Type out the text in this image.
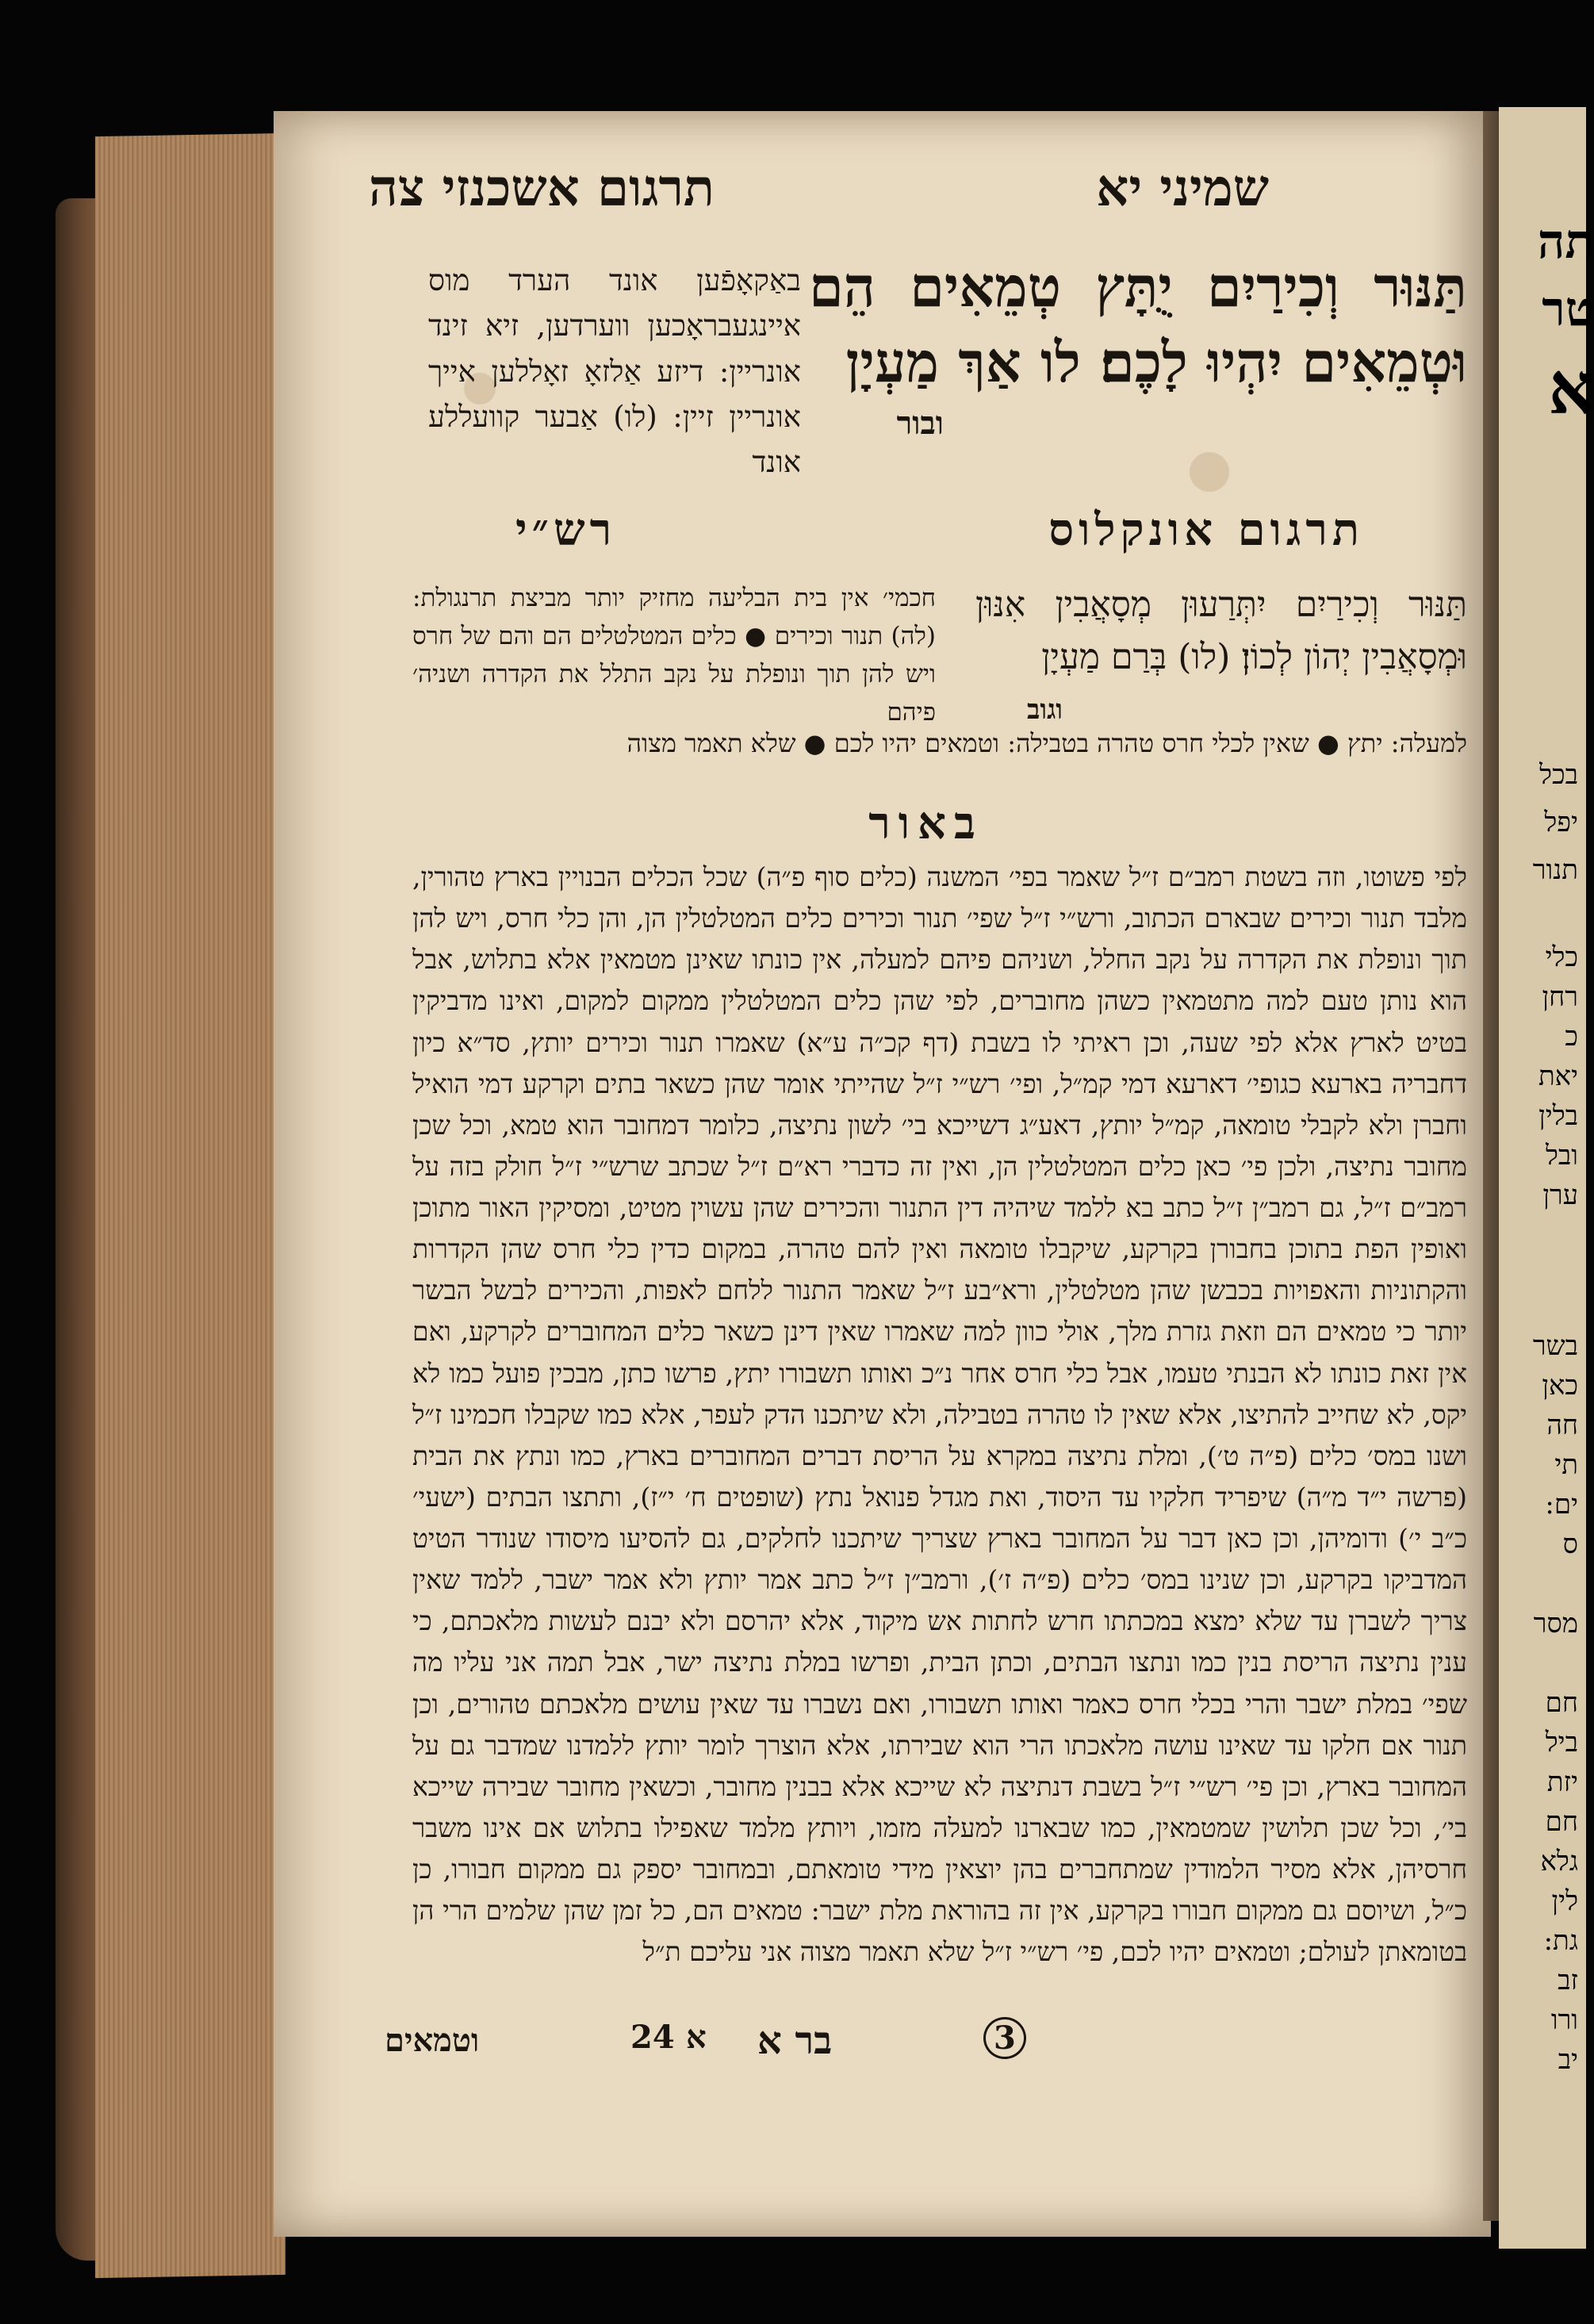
שמיני יא
תרגום אשכנזי צה
תַּנּוּר וְכִירַיִם יֻתָּץ טְמֵאִים הֵם וּטְמֵאִים יִהְיוּ לָכֶם׃ לו אַךְ מַעְיָן
ובור
באַקאָפֿען אונד הערד מוס איינגעבראָכען ווערדען, זיא זינד אונריין: דיזע אַלזאָ זאָללען אייך אונריין זיין: (לו) אַבער קוועללע אונד
תרגום אונקלוס
רש״י
תַּנּוּר וְכִירַיִם יִתְּרַעוּן מְסָאֲבִין אִנּוּן וּמְסָאֲבִין יְהוֹן לְכוֹן׃ (לו) בְּרַם מַעְיָן
וגוב
חכמי׳ אין בית הבליעה מחזיק יותר מביצת תרנגולת: (לה) תנור וכירים ● כלים המטלטלים הם והם של חרס ויש להן תוך ונופלת על נקב התלל את הקדרה ושניה׳ פיהם
למעלה: יתץ ● שאין לכלי חרס טהרה בטבילה: וטמאים יהיו לכם ● שלא תאמר מצוה
באור
לפי פשוטו, וזה בשטת רמב״ם ז״ל שאמר בפי׳ המשנה (כלים סוף פ״ה) שכל הכלים הבנויין בארץ טהורין, מלבד תנור וכירים שבארם הכתוב, ורש״י ז״ל שפי׳ תנור וכירים כלים המטלטלין הן, והן כלי חרס, ויש להן תוך ונופלת את הקדרה על נקב החלל, ושניהם פיהם למעלה, אין כונתו שאינן מטמאין אלא בתלוש, אבל הוא נותן טעם למה מתטמאין כשהן מחוברים, לפי שהן כלים המטלטלין ממקום למקום, ואינו מדביקין בטיט לארץ אלא לפי שעה, וכן ראיתי לו בשבת (דף קכ״ה ע״א) שאמרו תנור וכירים יותץ, סד״א כיון דחבריה בארעא כגופי׳ דארעא דמי קמ״ל, ופי׳ רש״י ז״ל שהייתי אומר שהן כשאר בתים וקרקע דמי הואיל וחברן ולא לקבלי טומאה, קמ״ל יותץ, דאע״ג דשייכא בי׳ לשון נתיצה, כלומר דמחובר הוא טמא, וכל שכן מחובר נתיצה, ולכן פי׳ כאן כלים המטלטלין הן, ואין זה כדברי רא״ם ז״ל שכתב שרש״י ז״ל חולק בזה על רמב״ם ז״ל, גם רמב״ן ז״ל כתב בא ללמד שיהיה דין התנור והכירים שהן עשוין מטיט, ומסיקין האור מתוכן ואופין הפת בתוכן בחבורן בקרקע, שיקבלו טומאה ואין להם טהרה, במקום כדין כלי חרס שהן הקדרות והקתוניות והאפויות בכבשן שהן מטלטלין, ורא״בע ז״ל שאמר התנור ללחם לאפות, והכירים לבשל הבשר יותר כי טמאים הם וזאת גזרת מלך, אולי כוון למה שאמרו שאין דינן כשאר כלים המחוברים לקרקע, ואם אין זאת כונתו לא הבנתי טעמו, אבל כלי חרס אחר נ״כ ואותו תשבורו יתץ, פרשו כתן, מבכין פועל כמו לא יקס, לא שחייב להתיצו, אלא שאין לו טהרה בטבילה, ולא שיתכנו הדק לעפר, אלא כמו שקבלו חכמינו ז״ל ושנו במס׳ כלים (פ״ה ט׳), ומלת נתיצה במקרא על הריסת דברים המחוברים בארץ, כמו ונתץ את הבית (פרשה י״ד מ״ה) שיפריד חלקיו עד היסוד, ואת מגדל פנואל נתץ (שופטים ח׳ י״ז), ותתצו הבתים (ישעי׳ כ״ב י׳) ודומיהן, וכן כאן דבר על המחובר בארץ שצריך שיתכנו לחלקים, גם להסיעו מיסודו שנודר הטיט המדביקו בקרקע, וכן שנינו במס׳ כלים (פ״ה ז׳), ורמב״ן ז״ל כתב אמר יותץ ולא אמר ישבר, ללמד שאין צריך לשברן עד שלא ימצא במכתתו חרש לחתות אש מיקוד, אלא יהרסם ולא יבנם לעשות מלאכתם, כי ענין נתיצה הריסת בנין כמו ונתצו הבתים, וכתן הבית, ופרשו במלת נתיצה ישר, אבל תמה אני עליו מה שפי׳ במלת ישבר והרי בכלי חרס כאמר ואותו תשבורו, ואם נשברו עד שאין עושים מלאכתם טהורים, וכן תנור אם חלקו עד שאינו עושה מלאכתו הרי הוא שבירתו, אלא הוצרך לומר יותץ ללמדנו שמדבר גם על המחובר בארץ, וכן פי׳ רש״י ז״ל בשבת דנתיצה לא שייכא אלא בבנין מחובר, וכשאין מחובר שבירה שייכא בי׳, וכל שכן תלושין שמטמאין, כמו שבארנו למעלה מזמו, ויותץ מלמד שאפילו בתלוש אם אינו משבר חרסיהן, אלא מסיר הלמודין שמתחברים בהן יוצאין מידי טומאתם, ובמחובר יספק גם ממקום חבורו, כן כ״ל, ושיוסם גם ממקום חבורו בקרקע, אין זה בהוראת מלת ישבר: טמאים הם, כל זמן שהן שלמים הרי הן בטומאתן לעולם; וטמאים יהיו לכם, פי׳ רש״י ז״ל שלא תאמר מצוה אני עליכם ת״ל
וטמאים	24 א בר א	3
תה
טר
א
בכל
יפל
תנור
כלי
רחן
כ
יאת
בלין
ובל
ערן
בשר
כאן
חה
תי
ים:
ס
מסר
חם
ביל
יזת
חם
גלא
לין
גת:
זב
ורו
יב
